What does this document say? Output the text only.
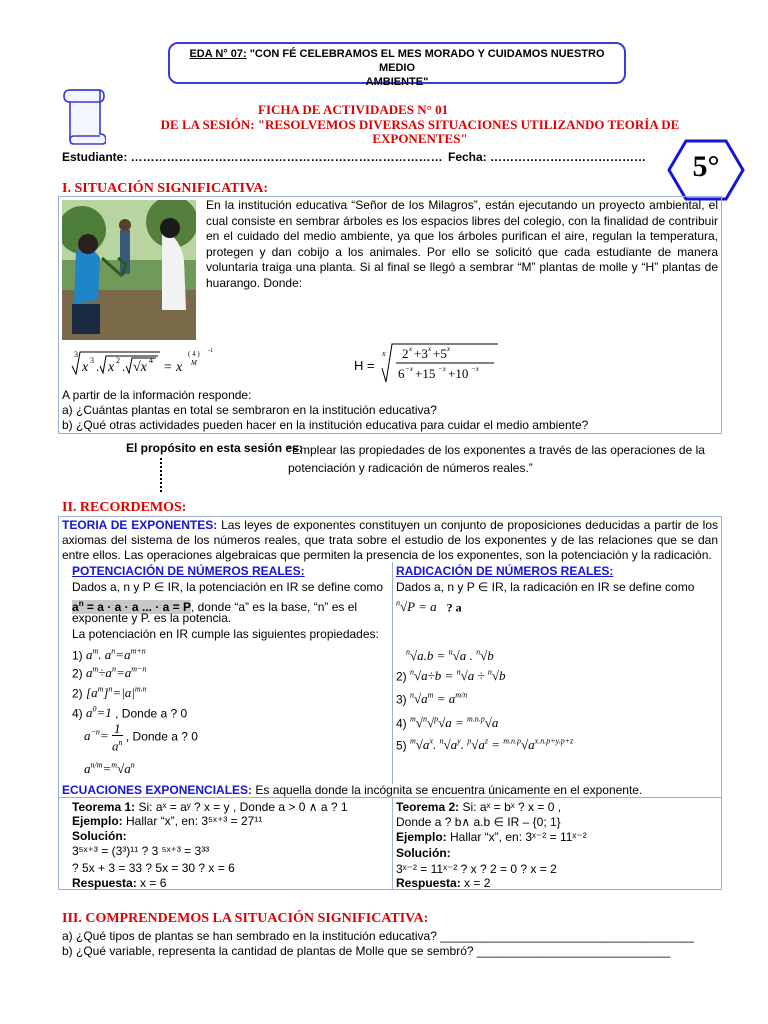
EDA N° 07: "CON FÉ CELEBRAMOS EL MES MORADO Y CUIDAMOS NUESTRO MEDIO
AMBIENTE"
FICHA DE ACTIVIDADES N° 01
DE LA SESIÓN: "RESOLVEMOS DIVERSAS SITUACIONES UTILIZANDO TEORÍA DE EXPONENTES"
Estudiante: …………………………………………………………………… Fecha: …………………………………	5°
I. SITUACIÓN SIGNIFICATIVA:
En la institución educativa “Señor de los Milagros”, están ejecutando un proyecto ambiental, el cual consiste en sembrar árboles es los espacios libres del colegio, con la finalidad de contribuir en el cuidado del medio ambiente, ya que los árboles purifican el aire, regulan la temperatura, protegen y dan cobijo a los animales. Por ello se solicitó que cada estudiante de manera voluntaria traiga una planta. Si al final se llegó a sembrar “M” plantas de molle y “H” plantas de huarango. Donde:
3
x 3 . x 2 . √x 4 = x
( 4 )
M
-1
H =
x 2 x +3 x +5 x
6 −x +15 −x +10 −x
A partir de la información responde:
a) ¿Cuántas plantas en total se sembraron en la institución educativa?
b) ¿Qué otras actividades pueden hacer en la institución educativa para cuidar el medio ambiente?
El propósito en esta sesión es:
“Emplear las propiedades de los exponentes a través de las operaciones de la potenciación y radicación de números reales.”
II. RECORDEMOS:
TEORIA DE EXPONENTES: Las leyes de exponentes constituyen un conjunto de proposiciones deducidas a partir de los axiomas del sistema de los números reales, que trata sobre el estudio de los exponentes y de las relaciones que se dan entre ellos. Las operaciones algebraicas que permiten la presencia de los exponentes, son la potenciación y la radicación.
POTENCIACIÓN DE NÚMEROS REALES:
Dados a, n y P ∈ IR, la potenciación en IR se define como
$a^n = a \cdot a \cdot a$ ... · a = P, donde “a” es la base, “n” es el
exponente y P. es la potencia.
La potenciación en IR cumple las siguientes propiedades:
1) $a^m$. $a^n=a^{m+n}$
2) $a^m\div a^n=a^{m-n}$
2) $[a^m]^n=|a|^{m.n}$
4) $a^0=1$ , Donde a ? 0
$a^{-n}= \frac{1}{a^n}$ , Donde a ? 0
$a^{n/m}=^m√a^n$
RADICACIÓN DE NÚMEROS REALES:
Dados a, n y P ∈ IR, la radicación en IR se define como
$^n$√P = a ? a
$^n$√a.b = $^n$√a . $^n$√b
2) $^n$√a÷b = $^n$√a ÷ $^n$√b
3) $^n√a^m = a^{m/n}$
4) $^m$√$^n$√$^p$√a = $^{m.n.p}$√a
5) $^m√a^x$. $^n√a^y$. $^p√a^z = ^{m.n.p}√a^{x.n.p+y.p+z}$
ECUACIONES EXPONENCIALES: Es aquella donde la incógnita se encuentra únicamente en el exponente.
Teorema 1: Si: aˣ = aʸ ? x = y , Donde a > 0 ∧ a ? 1
Ejemplo: Hallar “x”, en: 3⁵ˣ⁺³ = 27¹¹
Solución:
3⁵ˣ⁺³ = (3³)¹¹ ? 3 ⁵ˣ⁺³ = 3³³
? 5x + 3 = 33 ? 5x = 30 ? x = 6
Respuesta: x = 6
Teorema 2: Si: aˣ = bˣ ? x = 0 ,
Donde a ? b∧ a.b ∈ IR – {0; 1}
Ejemplo: Hallar “x”, en: 3ˣ⁻² = 11ˣ⁻²
Solución:
3ˣ⁻² = 11ˣ⁻² ? x ? 2 = 0 ? x = 2
Respuesta: x = 2
III. COMPRENDEMOS LA SITUACIÓN SIGNIFICATIVA:
a) ¿Qué tipos de plantas se han sembrado en la institución educativa? ______________________________________
b) ¿Qué variable, representa la cantidad de plantas de Molle que se sembró? _____________________________
